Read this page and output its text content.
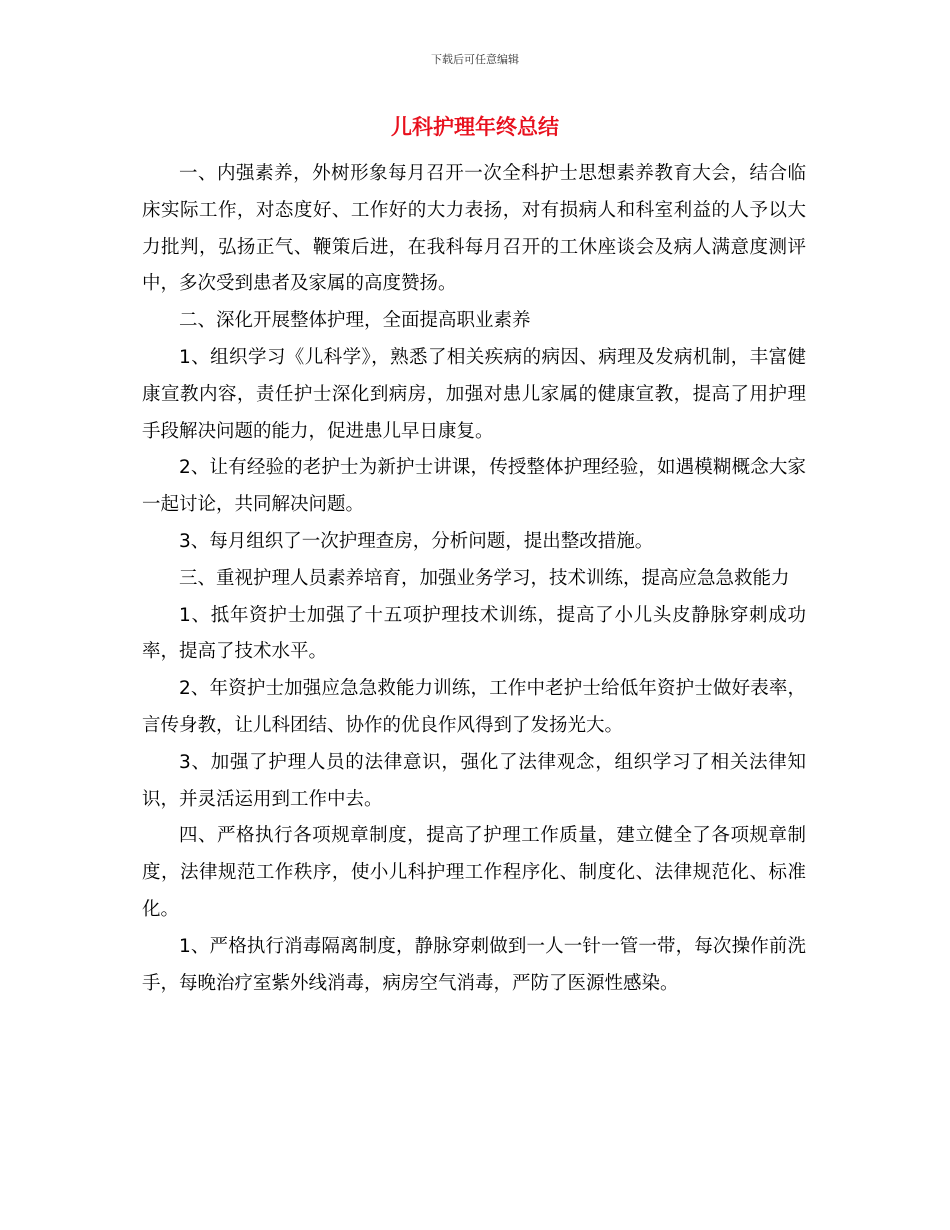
下载后可任意编辑
儿科护理年终总结

一、内强素养，外树形象每月召开一次全科护士思想素养教育大会，结合临床实际工作，对态度好、工作好的大力表扬，对有损病人和科室利益的人予以大力批判，弘扬正气、鞭策后进，在我科每月召开的工休座谈会及病人满意度测评中，多次受到患者及家属的高度赞扬。

二、深化开展整体护理，全面提高职业素养

1、组织学习《儿科学》，熟悉了相关疾病的病因、病理及发病机制，丰富健康宣教内容，责任护士深化到病房，加强对患儿家属的健康宣教，提高了用护理手段解决问题的能力，促进患儿早日康复。

2、让有经验的老护士为新护士讲课，传授整体护理经验，如遇模糊概念大家一起讨论，共同解决问题。

3、每月组织了一次护理查房，分析问题，提出整改措施。

三、重视护理人员素养培育，加强业务学习，技术训练，提高应急急救能力

1、抵年资护士加强了十五项护理技术训练，提高了小儿头皮静脉穿刺成功率，提高了技术水平。

2、年资护士加强应急急救能力训练，工作中老护士给低年资护士做好表率，言传身教，让儿科团结、协作的优良作风得到了发扬光大。

3、加强了护理人员的法律意识，强化了法律观念，组织学习了相关法律知识，并灵活运用到工作中去。

四、严格执行各项规章制度，提高了护理工作质量，建立健全了各项规章制度，法律规范工作秩序，使小儿科护理工作程序化、制度化、法律规范化、标准化。

1、严格执行消毒隔离制度，静脉穿刺做到一人一针一管一带，每次操作前洗手，每晚治疗室紫外线消毒，病房空气消毒，严防了医源性感染。
